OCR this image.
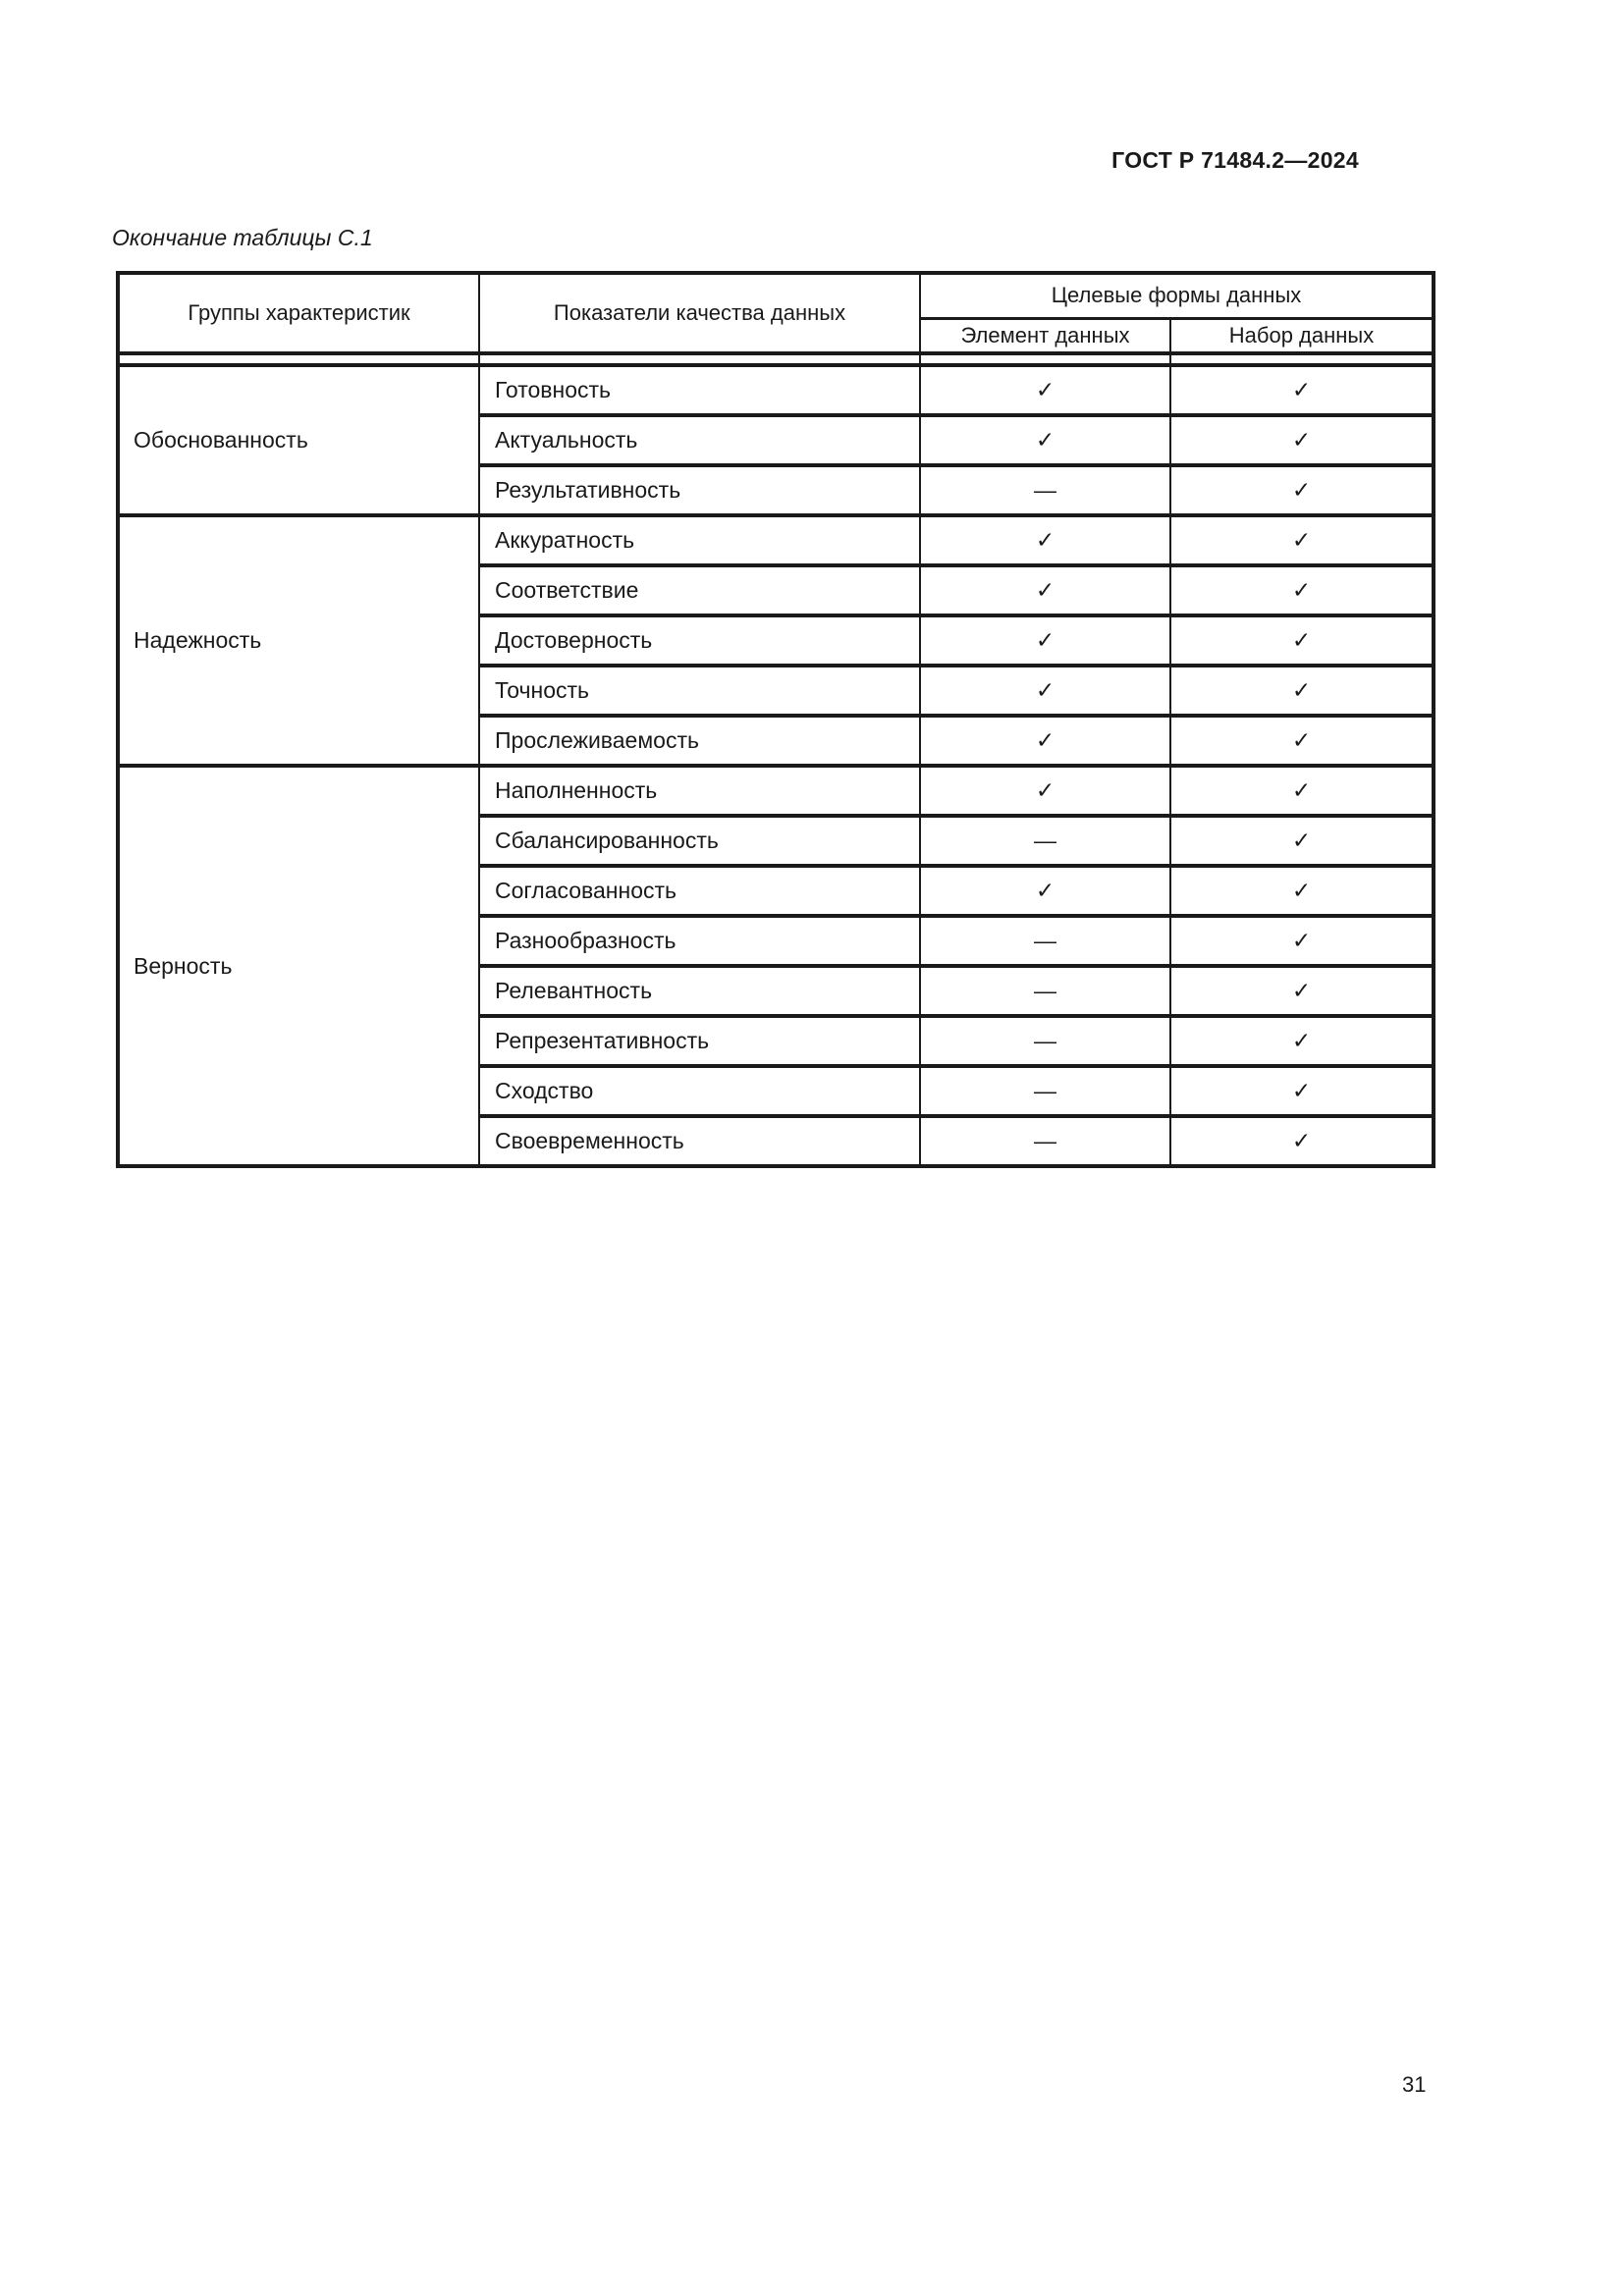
ГОСТ Р 71484.2—2024
Окончание таблицы С.1
Группы характеристик	Показатели качества данных	Целевые формы данных	
		Элемент данных	Набор данных

Обоснованность	Готовность	✓	✓
	Актуальность	✓	✓
	Результативность	—	✓
Надежность	Аккуратность	✓	✓
	Соответствие	✓	✓
	Достоверность	✓	✓
	Точность	✓	✓
	Прослеживаемость	✓	✓
Верность	Наполненность	✓	✓
	Сбалансированность	—	✓
	Согласованность	✓	✓
	Разнообразность	—	✓
	Релевантность	—	✓
	Репрезентативность	—	✓
	Сходство	—	✓
	Своевременность	—	✓
31
